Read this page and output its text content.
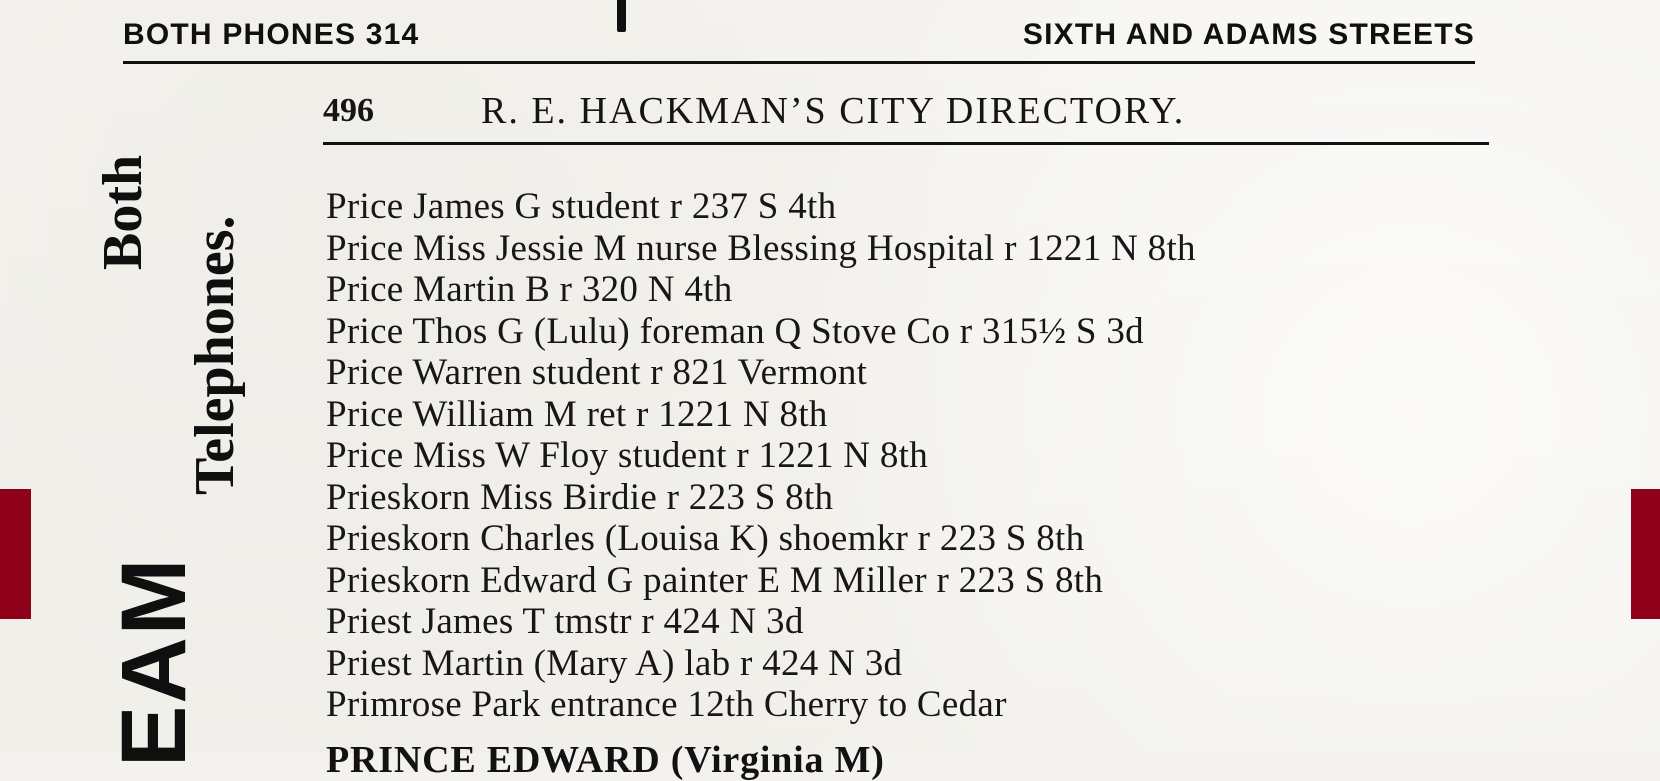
BOTH PHONES 314	SIXTH AND ADAMS STREETS
496	R. E. HACKMAN’S CITY DIRECTORY.
Both
Telephones.
EAM
Price James G student r 237 S 4th
Price Miss Jessie M nurse Blessing Hospital r 1221 N 8th
Price Martin B r 320 N 4th
Price Thos G (Lulu) foreman Q Stove Co r 315½ S 3d
Price Warren student r 821 Vermont
Price William M ret r 1221 N 8th
Price Miss W Floy student r 1221 N 8th
Prieskorn Miss Birdie r 223 S 8th
Prieskorn Charles (Louisa K) shoemkr r 223 S 8th
Prieskorn Edward G painter E M Miller r 223 S 8th
Priest James T tmstr r 424 N 3d
Priest Martin (Mary A) lab r 424 N 3d
Primrose Park entrance 12th Cherry to Cedar
PRINCE EDWARD (Virginia M)
